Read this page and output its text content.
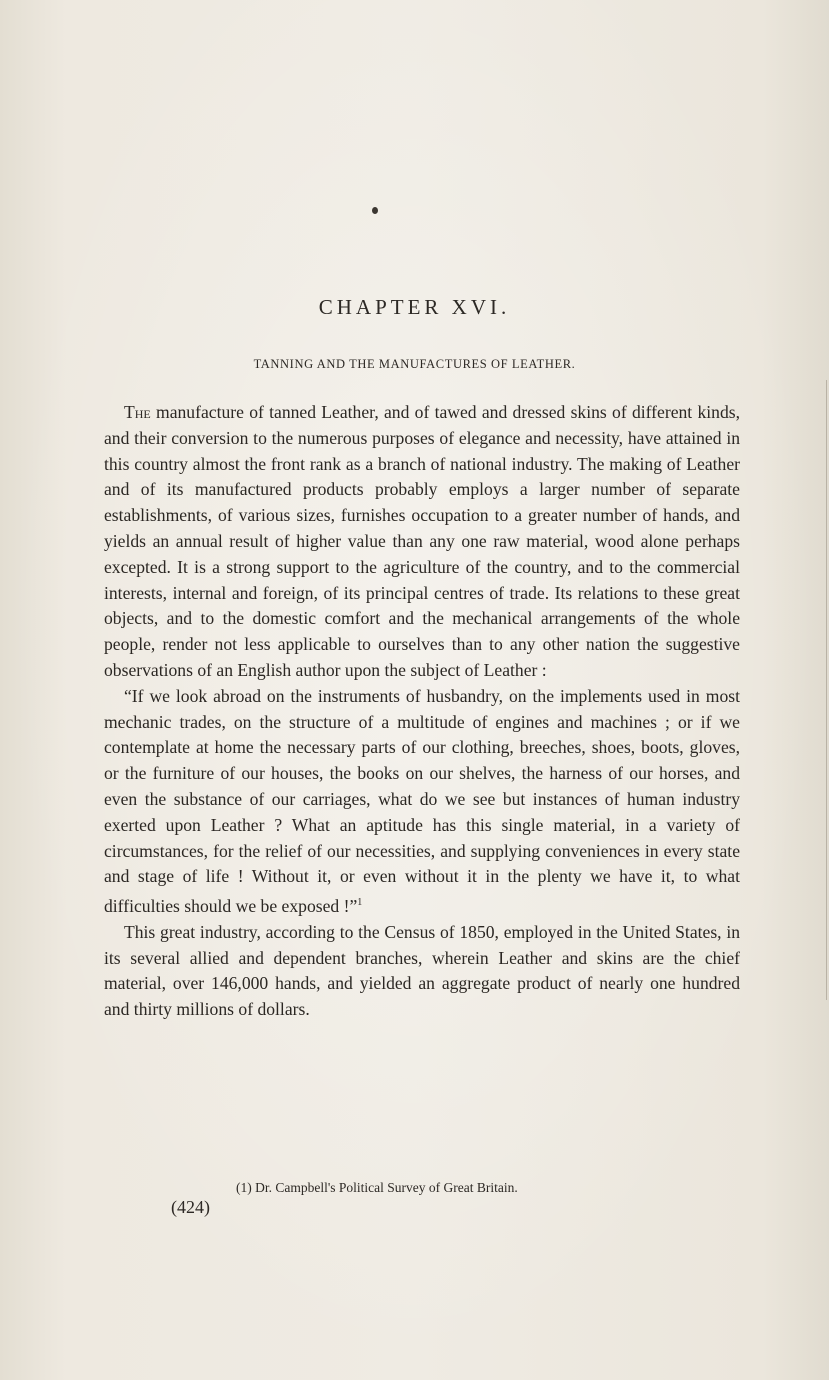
CHAPTER XVI.
TANNING AND THE MANUFACTURES OF LEATHER.

The manufacture of tanned Leather, and of tawed and dressed skins of different kinds, and their conversion to the numerous purposes of elegance and necessity, have attained in this country almost the front rank as a branch of national industry. The making of Leather and of its manufactured products probably employs a larger number of separate establishments, of various sizes, furnishes occupation to a greater number of hands, and yields an annual result of higher value than any one raw material, wood alone perhaps excepted. It is a strong support to the agriculture of the country, and to the commercial interests, internal and foreign, of its principal centres of trade. Its relations to these great objects, and to the domestic comfort and the mechanical arrangements of the whole people, render not less applicable to ourselves than to any other nation the suggestive observations of an English author upon the subject of Leather :

“If we look abroad on the instruments of husbandry, on the implements used in most mechanic trades, on the structure of a multitude of engines and machines ; or if we contemplate at home the necessary parts of our clothing, breeches, shoes, boots, gloves, or the furniture of our houses, the books on our shelves, the harness of our horses, and even the substance of our carriages, what do we see but instances of human industry exerted upon Leather ? What an aptitude has this single material, in a variety of circumstances, for the relief of our necessities, and supplying conveniences in every state and stage of life ! Without it, or even without it in the plenty we have it, to what difficulties should we be exposed !”$^1$

This great industry, according to the Census of 1850, employed in the United States, in its several allied and dependent branches, wherein Leather and skins are the chief material, over 146,000 hands, and yielded an aggregate product of nearly one hundred and thirty millions of dollars.

(1) Dr. Campbell's Political Survey of Great Britain.
(424)
